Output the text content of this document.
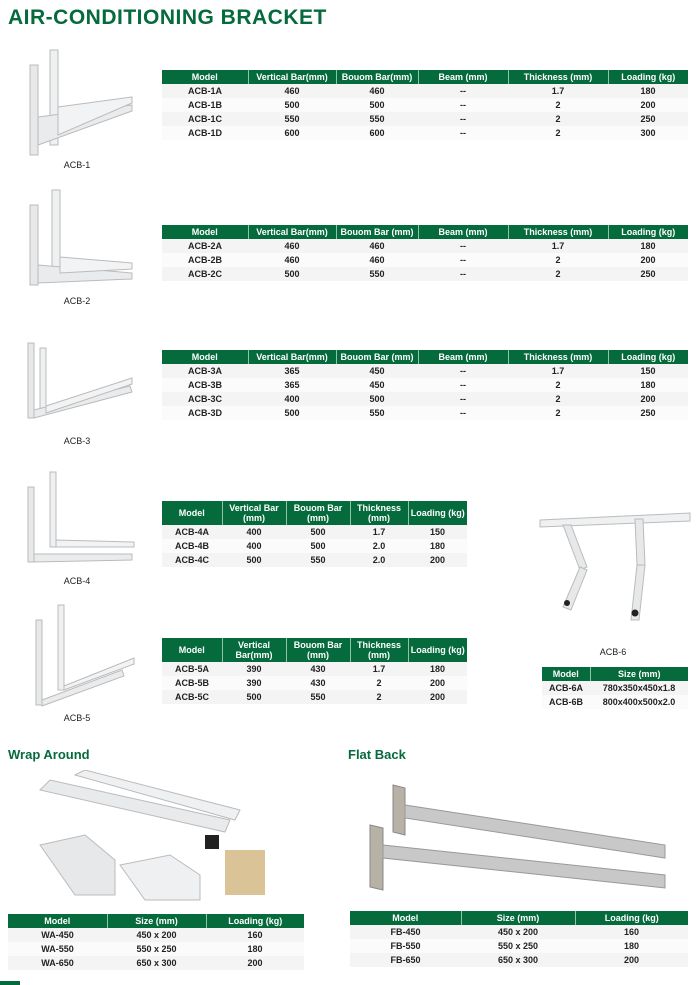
AIR-CONDITIONING BRACKET
ACB-1
Model	Vertical Bar(mm)	Bouom Bar(mm)	Beam (mm)	Thickness (mm)	Loading (kg)
ACB-1A	460	460	--	1.7	180
ACB-1B	500	500	--	2	200
ACB-1C	550	550	--	2	250
ACB-1D	600	600	--	2	300
ACB-2
Model	Vertical Bar(mm)	Bouom Bar (mm)	Beam (mm)	Thickness (mm)	Loading (kg)
ACB-2A	460	460	--	1.7	180
ACB-2B	460	460	--	2	200
ACB-2C	500	550	--	2	250
ACB-3
Model	Vertical Bar(mm)	Bouom Bar (mm)	Beam (mm)	Thickness (mm)	Loading (kg)
ACB-3A	365	450	--	1.7	150
ACB-3B	365	450	--	2	180
ACB-3C	400	500	--	2	200
ACB-3D	500	550	--	2	250
ACB-4
Model	Vertical Bar (mm)	Bouom Bar (mm)	Thickness (mm)	Loading (kg)
ACB-4A	400	500	1.7	150
ACB-4B	400	500	2.0	180
ACB-4C	500	550	2.0	200
ACB-5
Model	Vertical Bar(mm)	Bouom Bar (mm)	Thickness (mm)	Loading (kg)
ACB-5A	390	430	1.7	180
ACB-5B	390	430	2	200
ACB-5C	500	550	2	200
ACB-6
Model	Size (mm)
ACB-6A	780x350x450x1.8
ACB-6B	800x400x500x2.0
Wrap Around
Model	Size (mm)	Loading (kg)
WA-450	450 x 200	160
WA-550	550 x 250	180
WA-650	650 x 300	200
Flat Back
Model	Size (mm)	Loading (kg)
FB-450	450 x 200	160
FB-550	550 x 250	180
FB-650	650 x 300	200
